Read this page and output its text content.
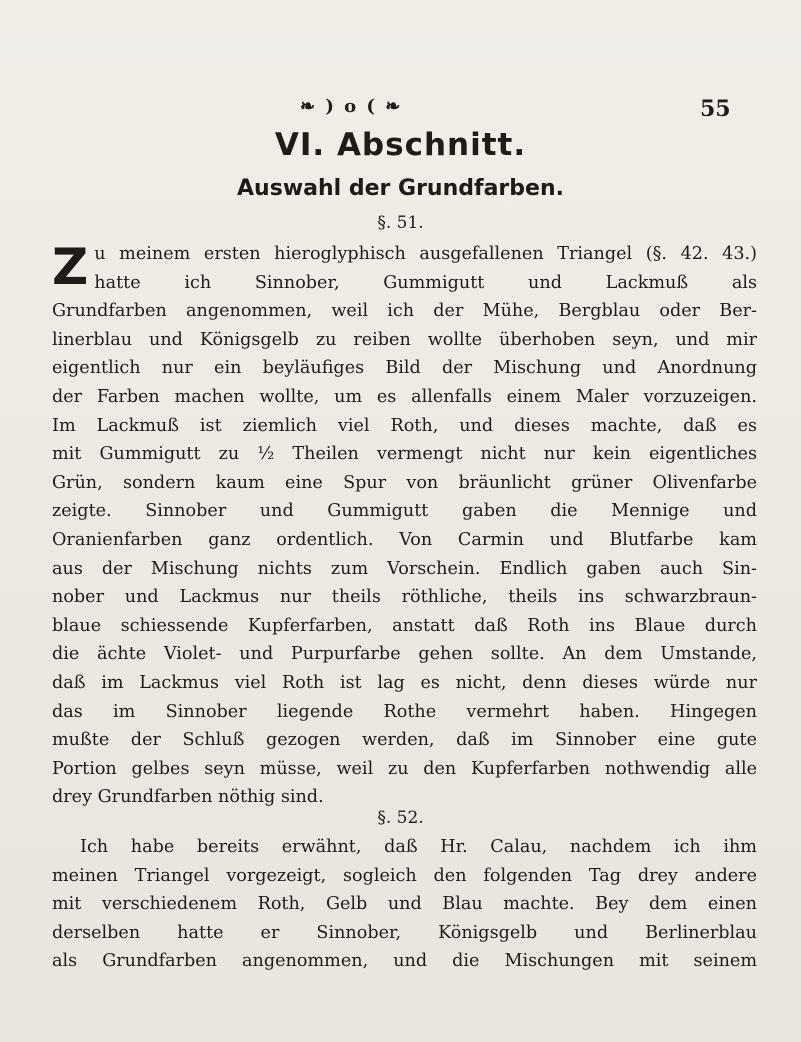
❧ ) o ( ❧	55
VI. Abschnitt.
Auswahl der Grundfarben.
§. 51.
Z u meinem ersten hieroglyphisch ausgefallenen Triangel (§. 42. 43.)
hatte ich Sinnober, Gummigutt und Lackmuß als
Grundfarben angenommen, weil ich der Mühe, Bergblau oder Ber-
linerblau und Königsgelb zu reiben wollte überhoben seyn, und mir
eigentlich nur ein beyläufiges Bild der Mischung und Anordnung
der Farben machen wollte, um es allenfalls einem Maler vorzuzeigen.
Im Lackmuß ist ziemlich viel Roth, und dieses machte, daß es
mit Gummigutt zu ½ Theilen vermengt nicht nur kein eigentliches
Grün, sondern kaum eine Spur von bräunlicht grüner Olivenfarbe
zeigte. Sinnober und Gummigutt gaben die Mennige und
Oranienfarben ganz ordentlich. Von Carmin und Blutfarbe kam
aus der Mischung nichts zum Vorschein. Endlich gaben auch Sin-
nober und Lackmus nur theils röthliche, theils ins schwarzbraun-
blaue schiessende Kupferfarben, anstatt daß Roth ins Blaue durch
die ächte Violet- und Purpurfarbe gehen sollte. An dem Umstande,
daß im Lackmus viel Roth ist lag es nicht, denn dieses würde nur
das im Sinnober liegende Rothe vermehrt haben. Hingegen
mußte der Schluß gezogen werden, daß im Sinnober eine gute
Portion gelbes seyn müsse, weil zu den Kupferfarben nothwendig alle
drey Grundfarben nöthig sind.
§. 52.
Ich habe bereits erwähnt, daß Hr. Calau, nachdem ich ihm
meinen Triangel vorgezeigt, sogleich den folgenden Tag drey andere
mit verschiedenem Roth, Gelb und Blau machte. Bey dem einen
derselben hatte er Sinnober, Königsgelb und Berlinerblau
als Grundfarben angenommen, und die Mischungen mit seinem
